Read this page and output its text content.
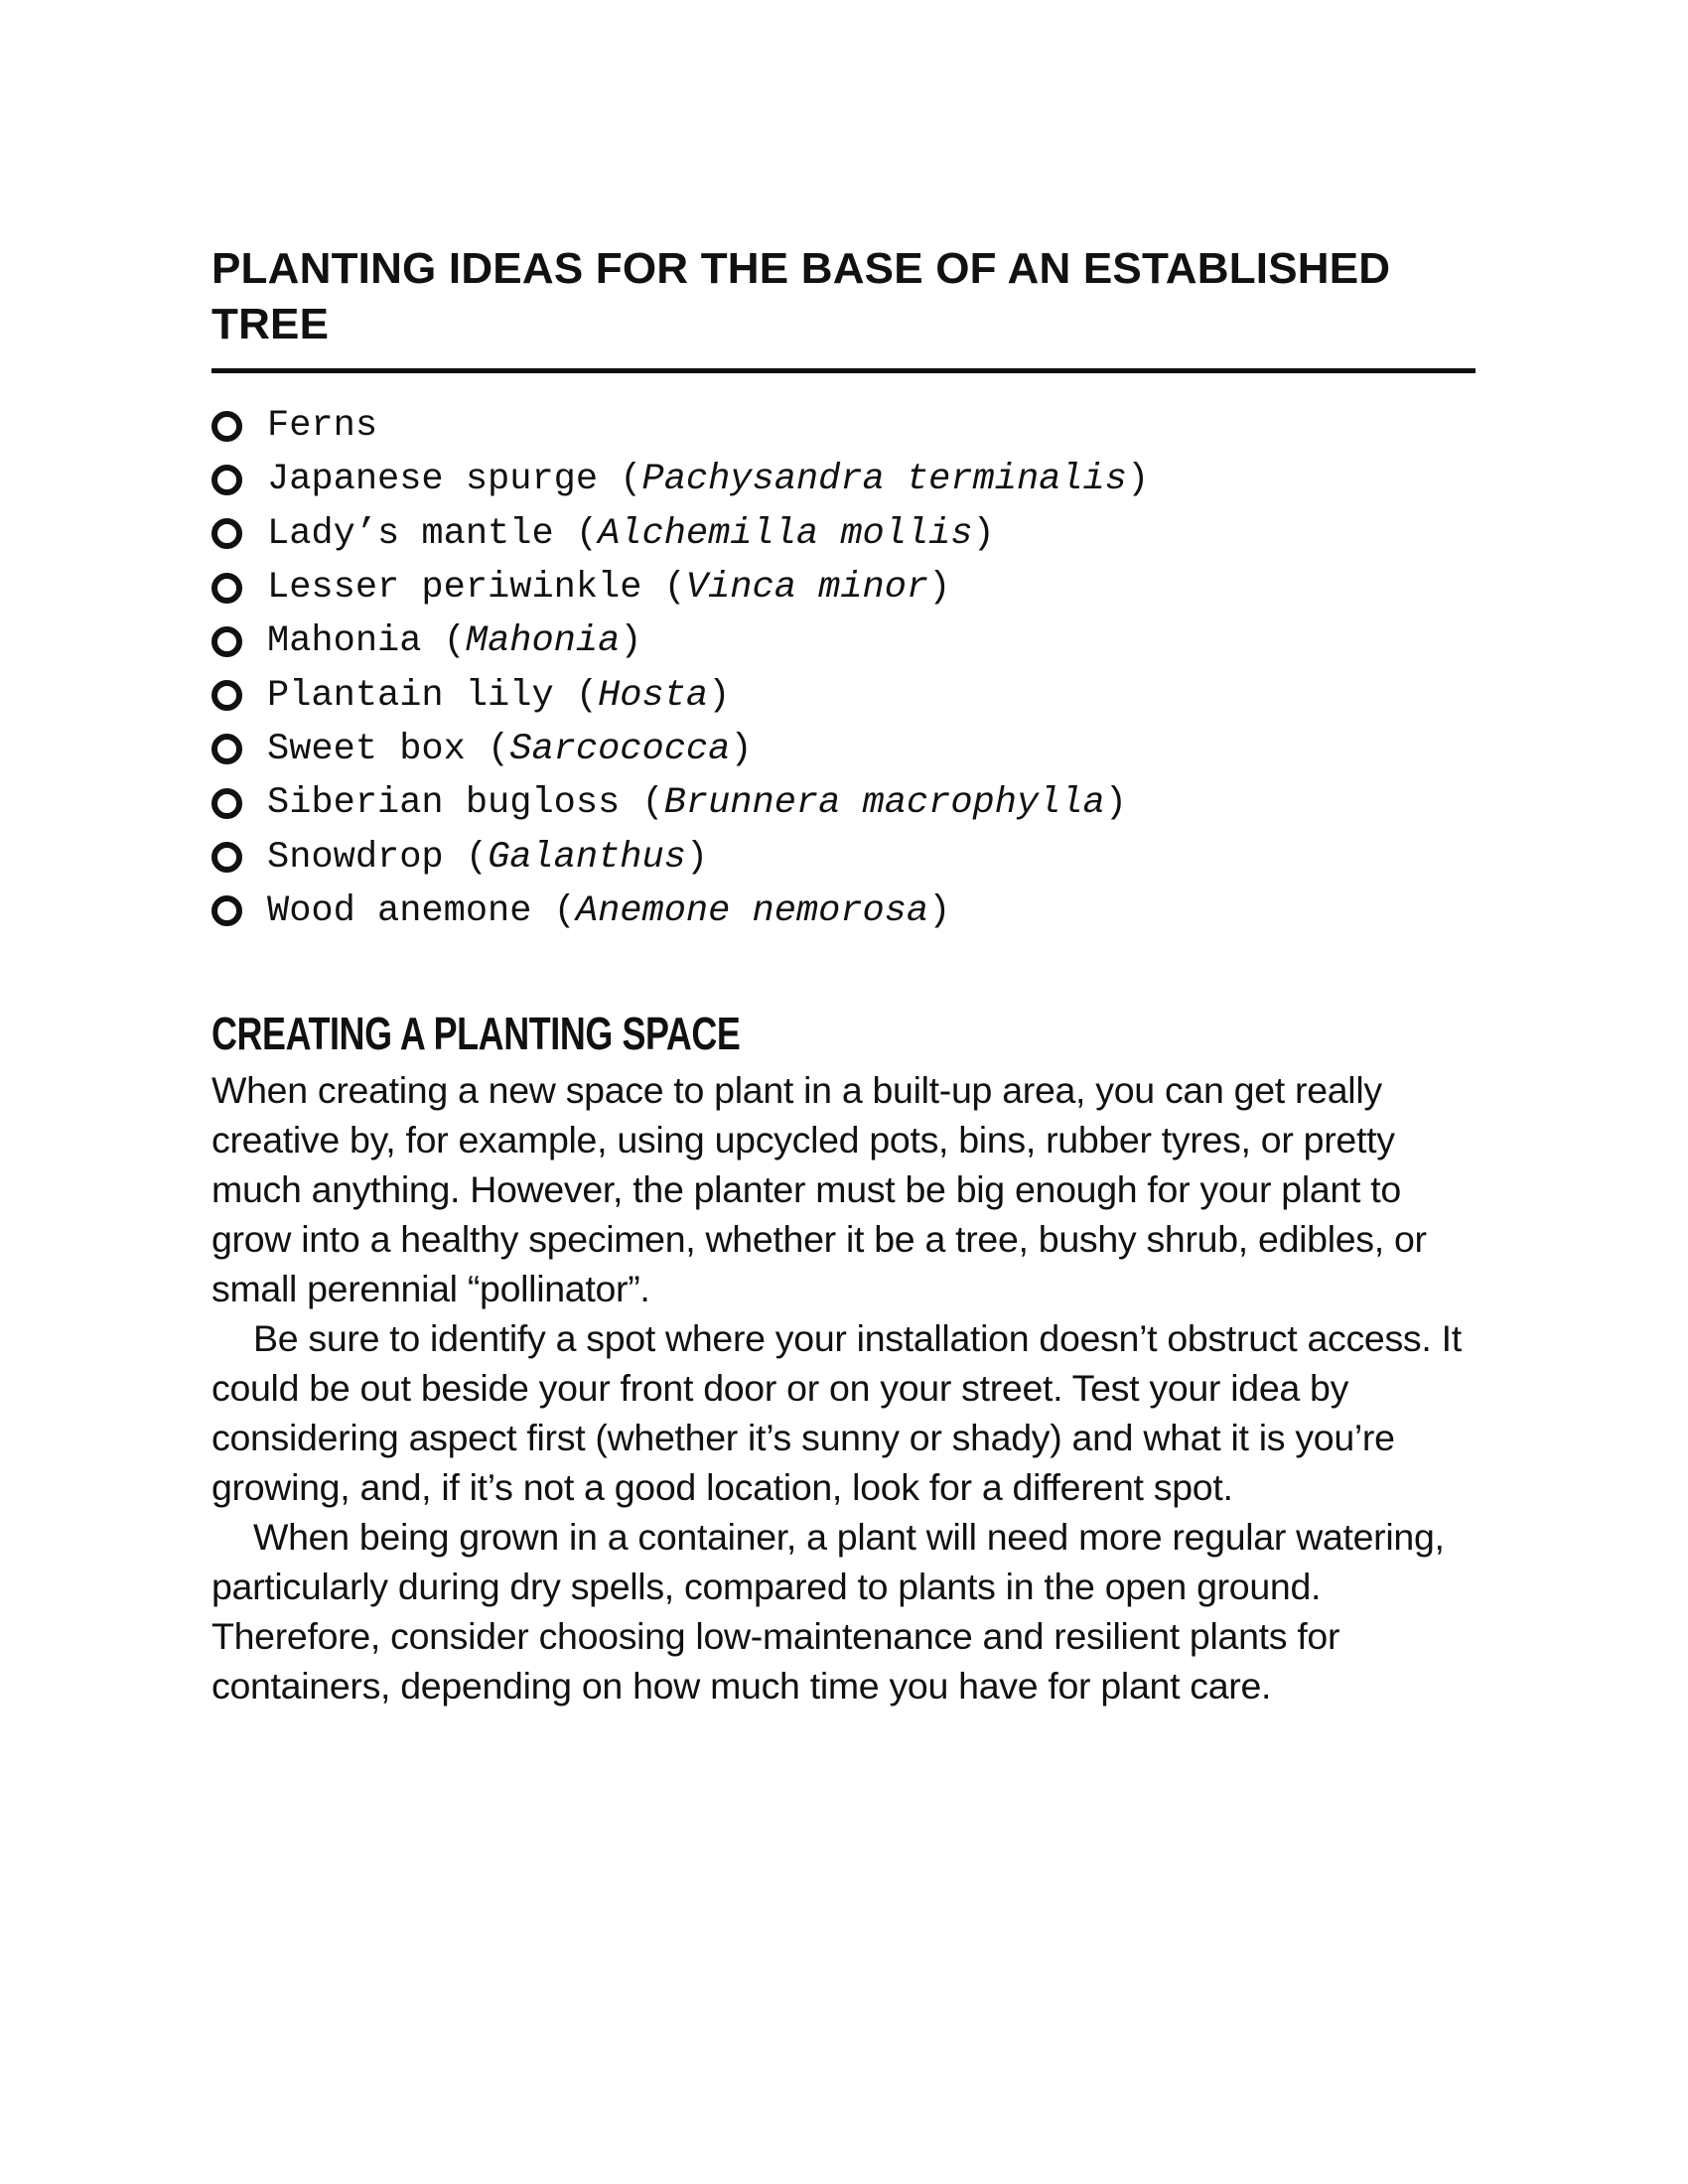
PLANTING IDEAS FOR THE BASE OF AN ESTABLISHED TREE
Ferns
Japanese spurge ( Pachysandra terminalis )
Lady’s mantle ( Alchemilla mollis )
Lesser periwinkle ( Vinca minor )
Mahonia ( Mahonia )
Plantain lily ( Hosta )
Sweet box ( Sarcococca )
Siberian bugloss ( Brunnera macrophylla )
Snowdrop ( Galanthus )
Wood anemone ( Anemone nemorosa )
CREATING A PLANTING SPACE

When creating a new space to plant in a built-up area, you can get really creative by, for example, using upcycled pots, bins, rubber tyres, or pretty much anything. However, the planter must be big enough for your plant to grow into a healthy specimen, whether it be a tree, bushy shrub, edibles, or small perennial “pollinator”.

Be sure to identify a spot where your installation doesn’t obstruct access. It could be out beside your front door or on your street. Test your idea by considering aspect first (whether it’s sunny or shady) and what it is you’re growing, and, if it’s not a good location, look for a different spot.

When being grown in a container, a plant will need more regular watering, particularly during dry spells, compared to plants in the open ground. Therefore, consider choosing low-maintenance and resilient plants for containers, depending on how much time you have for plant care.
